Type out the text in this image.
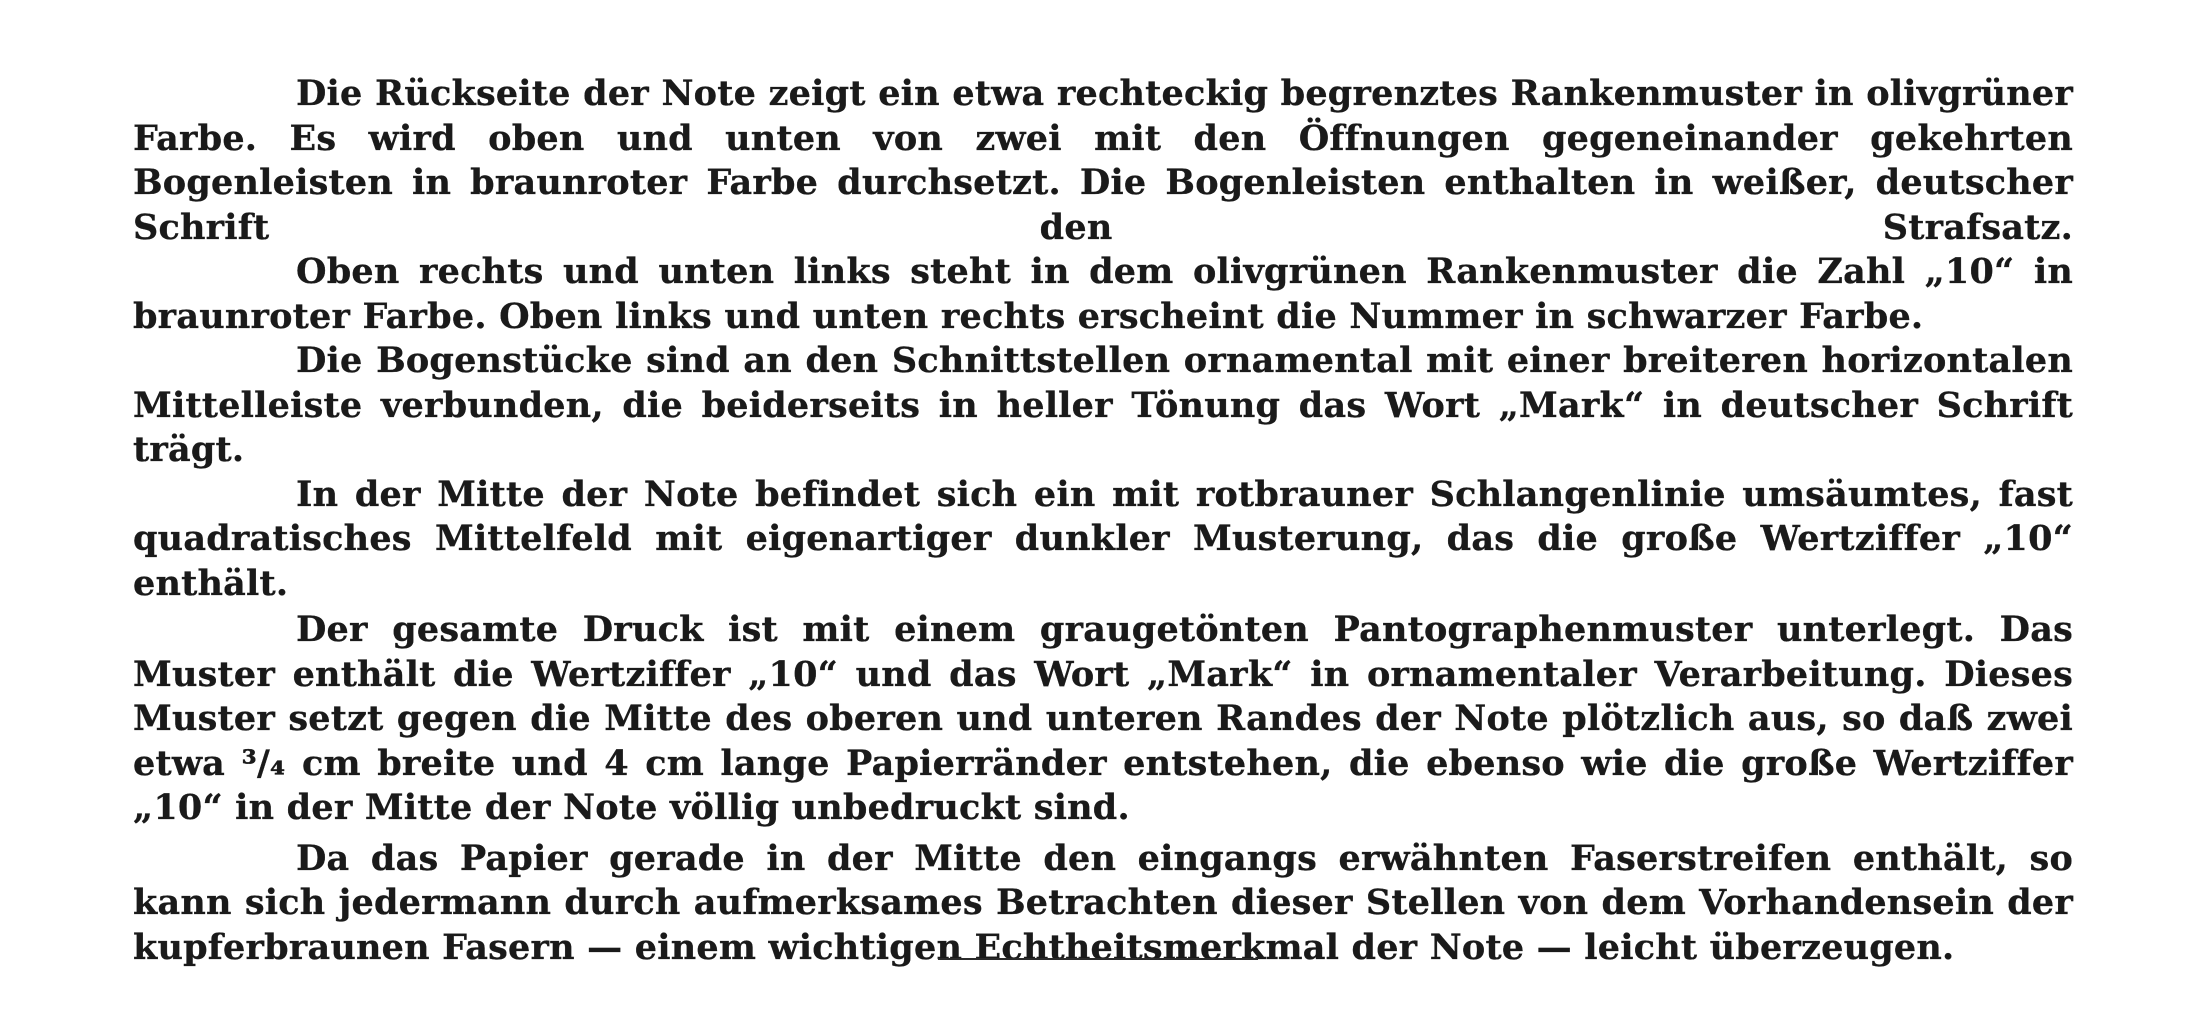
Die Rückseite der Note zeigt ein etwa rechteckig begrenztes Rankenmuster in olivgrüner Farbe. Es wird oben und unten von zwei mit den Öffnungen gegeneinander gekehrten Bogenleisten in braunroter Farbe durchsetzt. Die Bogenleisten enthalten in weißer, deutscher Schrift den Strafsatz.

Oben rechts und unten links steht in dem olivgrünen Rankenmuster die Zahl „10“ in braunroter Farbe. Oben links und unten rechts erscheint die Nummer in schwarzer Farbe.

Die Bogenstücke sind an den Schnittstellen ornamental mit einer breiteren horizontalen Mittelleiste verbunden, die beiderseits in heller Tönung das Wort „Mark“ in deutscher Schrift trägt.

In der Mitte der Note befindet sich ein mit rotbrauner Schlangenlinie umsäumtes, fast quadratisches Mittelfeld mit eigenartiger dunkler Musterung, das die große Wertziffer „10“ enthält.

Der gesamte Druck ist mit einem graugetönten Pantographenmuster unterlegt. Das Muster enthält die Wertziffer „10“ und das Wort „Mark“ in ornamentaler Verarbeitung. Dieses Muster setzt gegen die Mitte des oberen und unteren Randes der Note plötzlich aus, so daß zwei etwa ³/₄ cm breite und 4 cm lange Papierränder entstehen, die ebenso wie die große Wertziffer „10“ in der Mitte der Note völlig unbedruckt sind.

Da das Papier gerade in der Mitte den eingangs erwähnten Faserstreifen enthält, so kann sich jedermann durch aufmerksames Betrachten dieser Stellen von dem Vorhandensein der kupferbraunen Fasern — einem wichtigen Echtheitsmerkmal der Note — leicht überzeugen.
